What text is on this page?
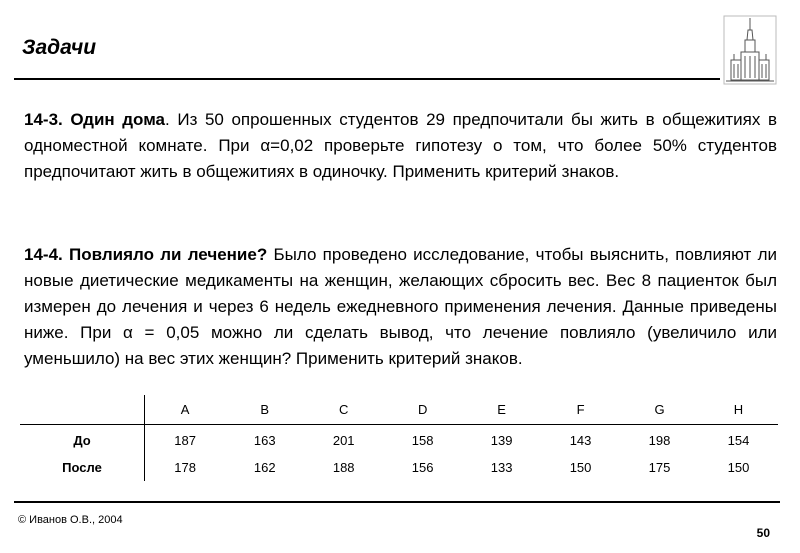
Задачи
14-3. Один дома. Из 50 опрошенных студентов 29 предпочитали бы жить в общежитиях в одноместной комнате. При α=0,02 проверьте гипотезу о том, что более 50% студентов предпочитают жить в общежитиях в одиночку. Применить критерий знаков.
14-4. Повлияло ли лечение? Было проведено исследование, чтобы выяснить, повлияют ли новые диетические медикаменты на женщин, желающих сбросить вес. Вес 8 пациенток был измерен до лечения и через 6 недель ежедневного применения лечения. Данные приведены ниже. При α = 0,05 можно ли сделать вывод, что лечение повлияло (увеличило или уменьшило) на вес этих женщин? Применить критерий знаков.
	A	B	C	D	E	F	G	H
До	187	163	201	158	139	143	198	154
После	178	162	188	156	133	150	175	150
© Иванов О.В., 2004
50
